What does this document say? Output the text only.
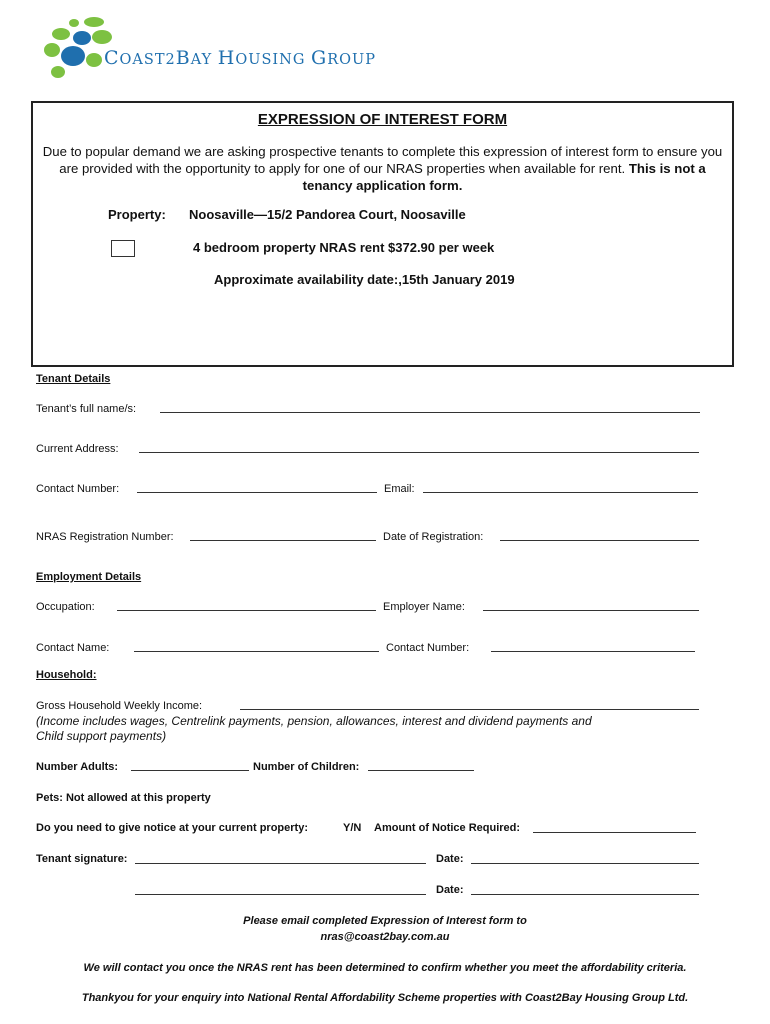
COAST2BAY HOUSING GROUP
EXPRESSION OF INTEREST FORM
Due to popular demand we are asking prospective tenants to complete this expression of interest form to ensure you are provided with the opportunity to apply for one of our NRAS properties when available for rent. This is not a tenancy application form.
Property: Noosaville—15/2 Pandorea Court, Noosaville
4 bedroom property NRAS rent $372.90 per week
Approximate availability date:,15th January 2019
Tenant Details
Tenant’s full name/s:
Current Address:
Contact Number:	Email:
NRAS Registration Number:	Date of Registration:
Employment Details
Occupation:	Employer Name:
Contact Name:	Contact Number:
Household:
Gross Household Weekly Income:
(Income includes wages, Centrelink payments, pension, allowances, interest and dividend payments and
Child support payments)
Number Adults:	Number of Children:
Pets: Not allowed at this property
Do you need to give notice at your current property:	Y/N Amount of Notice Required:
Tenant signature:	Date:
Date:
Please email completed Expression of Interest form to
nras@coast2bay.com.au
We will contact you once the NRAS rent has been determined to confirm whether you meet the affordability criteria.
Thankyou for your enquiry into National Rental Affordability Scheme properties with Coast2Bay Housing Group Ltd.
